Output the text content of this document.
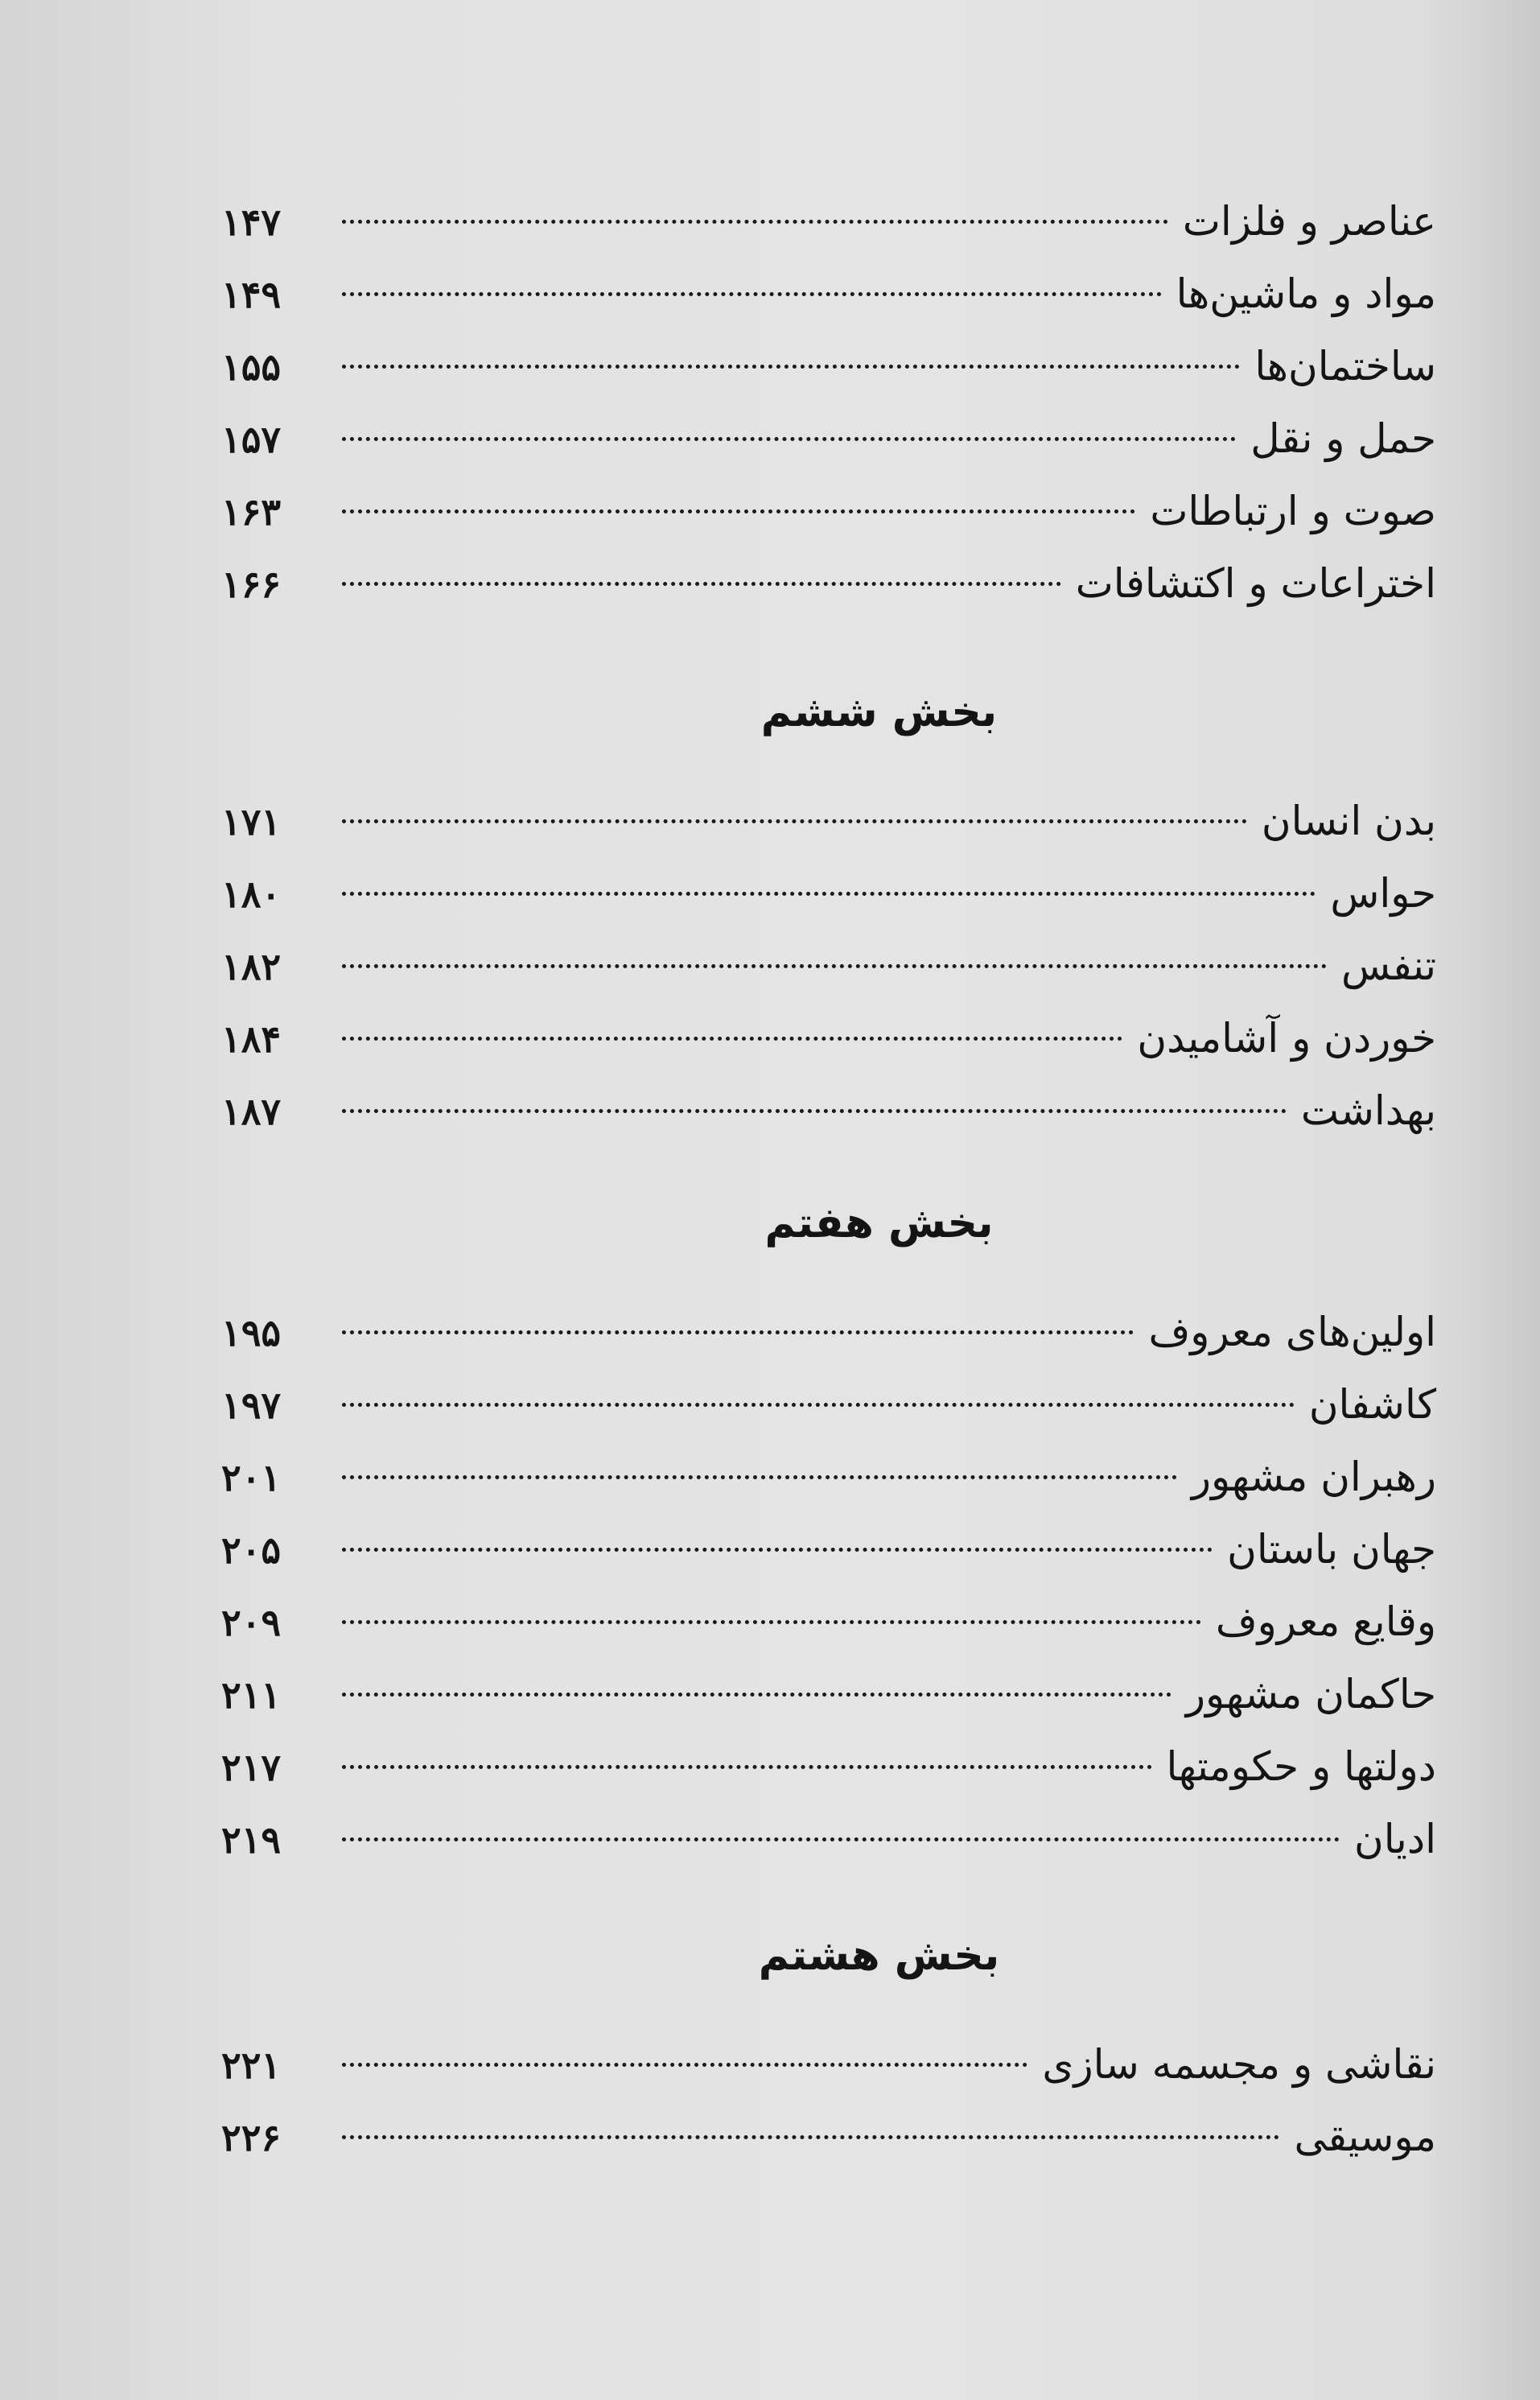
۱۴۷	عناصر و فلزات
۱۴۹	مواد و ماشین‌ها
۱۵۵	ساختمان‌ها
۱۵۷	حمل و نقل
۱۶۳	صوت و ارتباطات
۱۶۶	اختراعات و اکتشافات
بخش ششم
۱۷۱	بدن انسان
۱۸۰	حواس
۱۸۲	تنفس
۱۸۴	خوردن و آشامیدن
۱۸۷	بهداشت
بخش هفتم
۱۹۵	اولین‌های معروف
۱۹۷	کاشفان
۲۰۱	رهبران مشهور
۲۰۵	جهان باستان
۲۰۹	وقایع معروف
۲۱۱	حاکمان مشهور
۲۱۷	دولتها و حکومتها
۲۱۹	ادیان
بخش هشتم
۲۲۱	نقاشی و مجسمه سازی
۲۲۶	موسیقی
